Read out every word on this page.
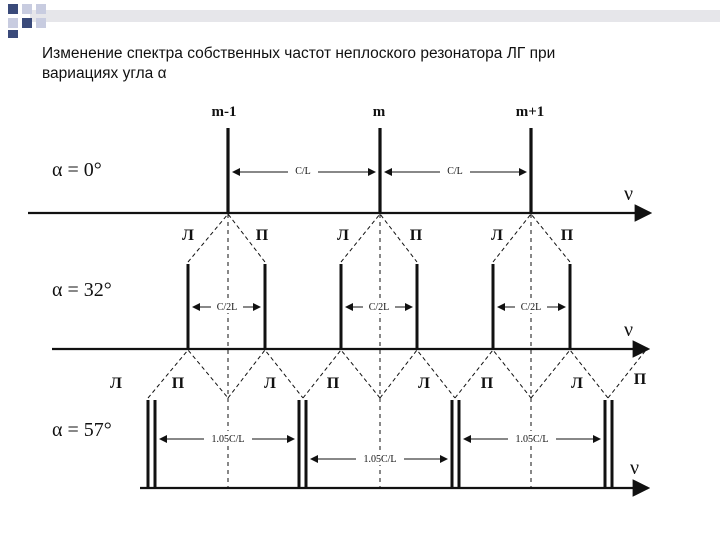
Изменение спектра собственных частот неплоского резонатора ЛГ при
вариациях угла α
m-1	m	m+1
α = 0°
ν
C/L	C/L
Л	П	Л	П	Л	П
α = 32°
ν
C/2L	C/2L	C/2L
Л	П	Л	П	Л	П	Л	П
α = 57°
ν
1.05C/L
1.05C/L
1.05C/L
